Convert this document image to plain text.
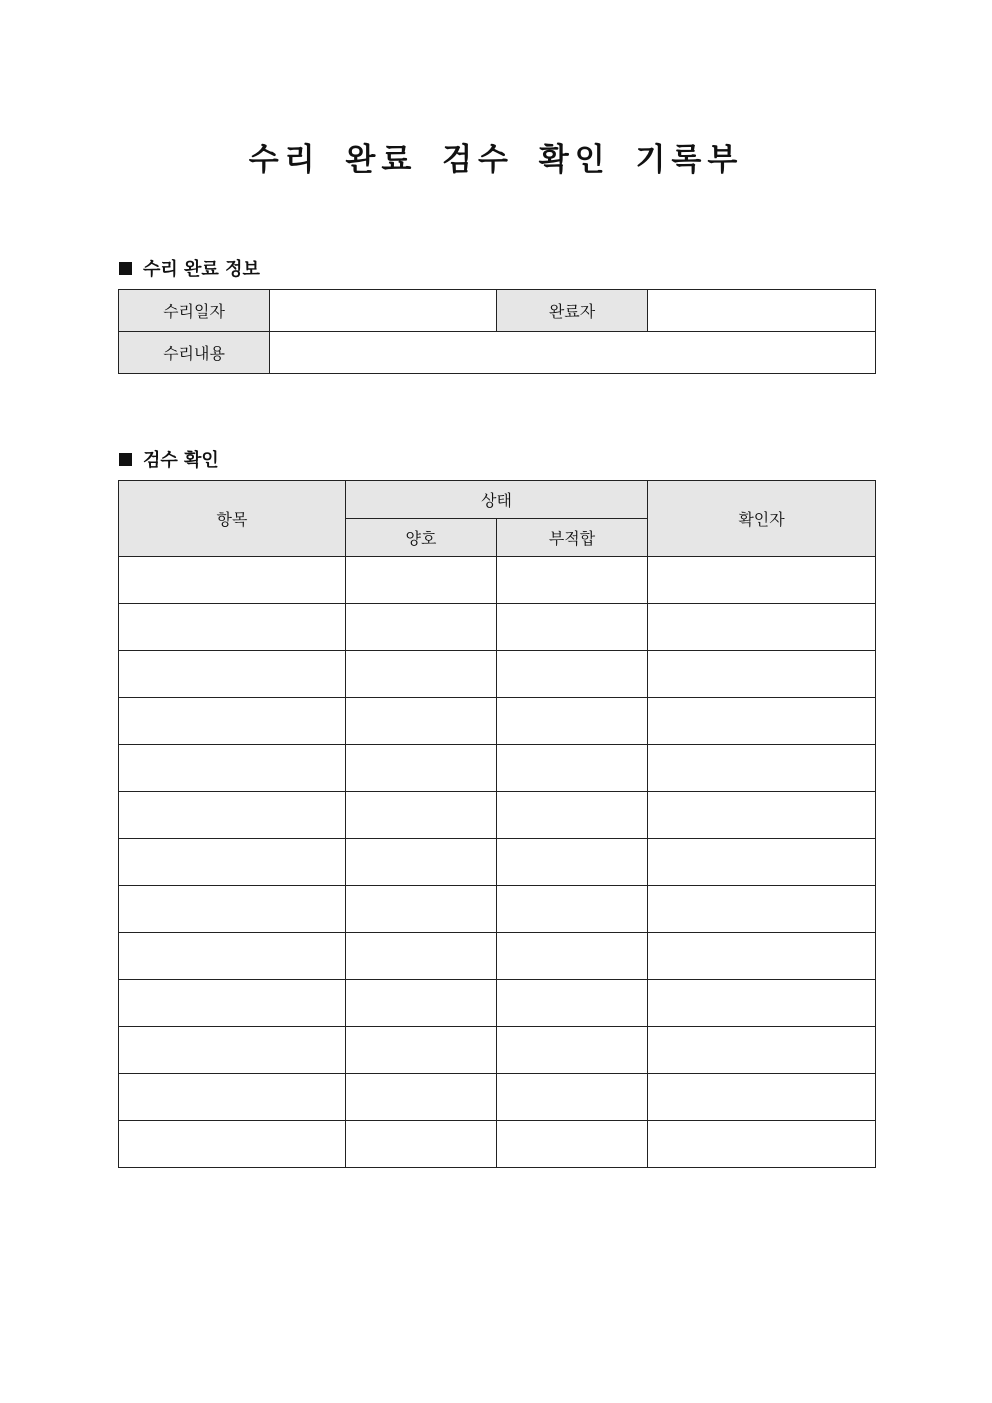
수리 완료 검수 확인 기록부
수리 완료 정보
수리일자		완료자	
수리내용			
검수 확인
항목	상태		확인자
	양호	부적합	
